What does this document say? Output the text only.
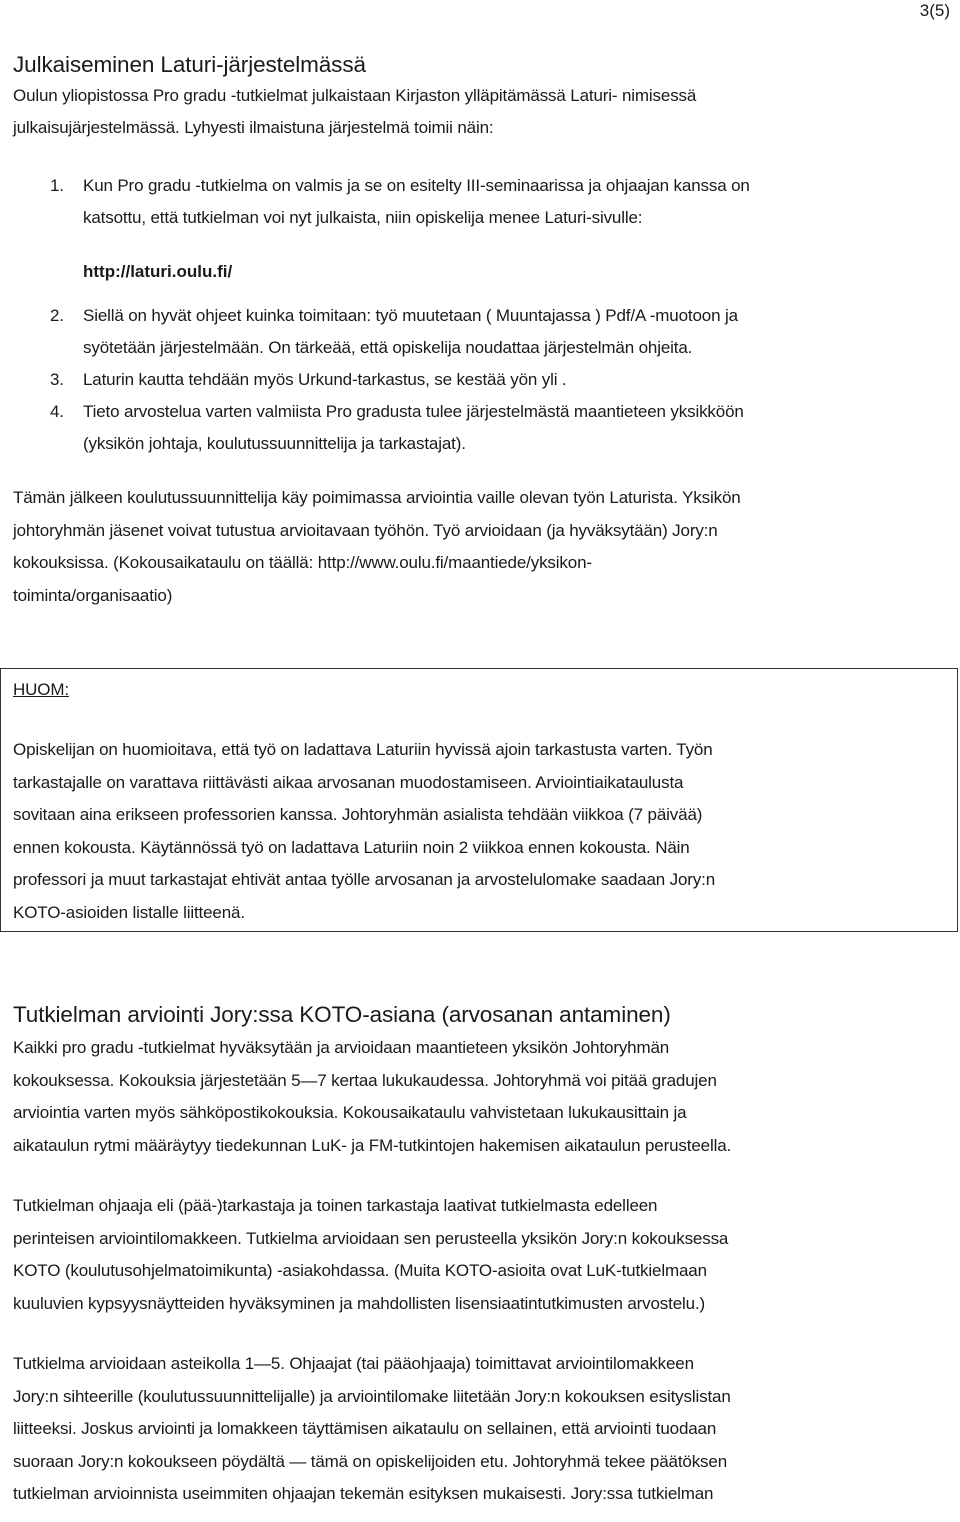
3(5)
Julkaiseminen Laturi-järjestelmässä

Oulun yliopistossa Pro gradu -tutkielmat julkaistaan Kirjaston ylläpitämässä Laturi- nimisessä

julkaisujärjestelmässä. Lyhyesti ilmaistuna järjestelmä toimii näin:

1. Kun Pro gradu -tutkielma on valmis ja se on esitelty III-seminaarissa ja ohjaajan kanssa on
katsottu, että tutkielman voi nyt julkaista, niin opiskelija menee Laturi-sivulle:
http://laturi.oulu.fi/
2. Siellä on hyvät ohjeet kuinka toimitaan: työ muutetaan ( Muuntajassa ) Pdf/A -muotoon ja
syötetään järjestelmään. On tärkeää, että opiskelija noudattaa järjestelmän ohjeita.
3. Laturin kautta tehdään myös Urkund-tarkastus, se kestää yön yli .
4. Tieto arvostelua varten valmiista Pro gradusta tulee järjestelmästä maantieteen yksikköön
(yksikön johtaja, koulutussuunnittelija ja tarkastajat).

Tämän jälkeen koulutussuunnittelija käy poimimassa arviointia vaille olevan työn Laturista. Yksikön

johtoryhmän jäsenet voivat tutustua arvioitavaan työhön. Työ arvioidaan (ja hyväksytään) Jory:n

kokouksissa. (Kokousaikataulu on täällä: http://www.oulu.fi/maantiede/yksikon-

toiminta/organisaatio)

HUOM:

Opiskelijan on huomioitava, että työ on ladattava Laturiin hyvissä ajoin tarkastusta varten. Työn

tarkastajalle on varattava riittävästi aikaa arvosanan muodostamiseen. Arviointiaikataulusta

sovitaan aina erikseen professorien kanssa. Johtoryhmän asialista tehdään viikkoa (7 päivää)

ennen kokousta. Käytännössä työ on ladattava Laturiin noin 2 viikkoa ennen kokousta. Näin

professori ja muut tarkastajat ehtivät antaa työlle arvosanan ja arvostelulomake saadaan Jory:n

KOTO-asioiden listalle liitteenä.

Tutkielman arviointi Jory:ssa KOTO-asiana (arvosanan antaminen)

Kaikki pro gradu -tutkielmat hyväksytään ja arvioidaan maantieteen yksikön Johtoryhmän

kokouksessa. Kokouksia järjestetään 5—7 kertaa lukukaudessa. Johtoryhmä voi pitää gradujen

arviointia varten myös sähköpostikokouksia. Kokousaikataulu vahvistetaan lukukausittain ja

aikataulun rytmi määräytyy tiedekunnan LuK- ja FM-tutkintojen hakemisen aikataulun perusteella.

Tutkielman ohjaaja eli (pää-)tarkastaja ja toinen tarkastaja laativat tutkielmasta edelleen

perinteisen arviointilomakkeen. Tutkielma arvioidaan sen perusteella yksikön Jory:n kokouksessa

KOTO (koulutusohjelmatoimikunta) -asiakohdassa. (Muita KOTO-asioita ovat LuK-tutkielmaan

kuuluvien kypsyysnäytteiden hyväksyminen ja mahdollisten lisensiaatintutkimusten arvostelu.)

Tutkielma arvioidaan asteikolla 1—5. Ohjaajat (tai pääohjaaja) toimittavat arviointilomakkeen

Jory:n sihteerille (koulutussuunnittelijalle) ja arviointilomake liitetään Jory:n kokouksen esityslistan

liitteeksi. Joskus arviointi ja lomakkeen täyttämisen aikataulu on sellainen, että arviointi tuodaan

suoraan Jory:n kokoukseen pöydältä — tämä on opiskelijoiden etu. Johtoryhmä tekee päätöksen

tutkielman arvioinnista useimmiten ohjaajan tekemän esityksen mukaisesti. Jory:ssa tutkielman
